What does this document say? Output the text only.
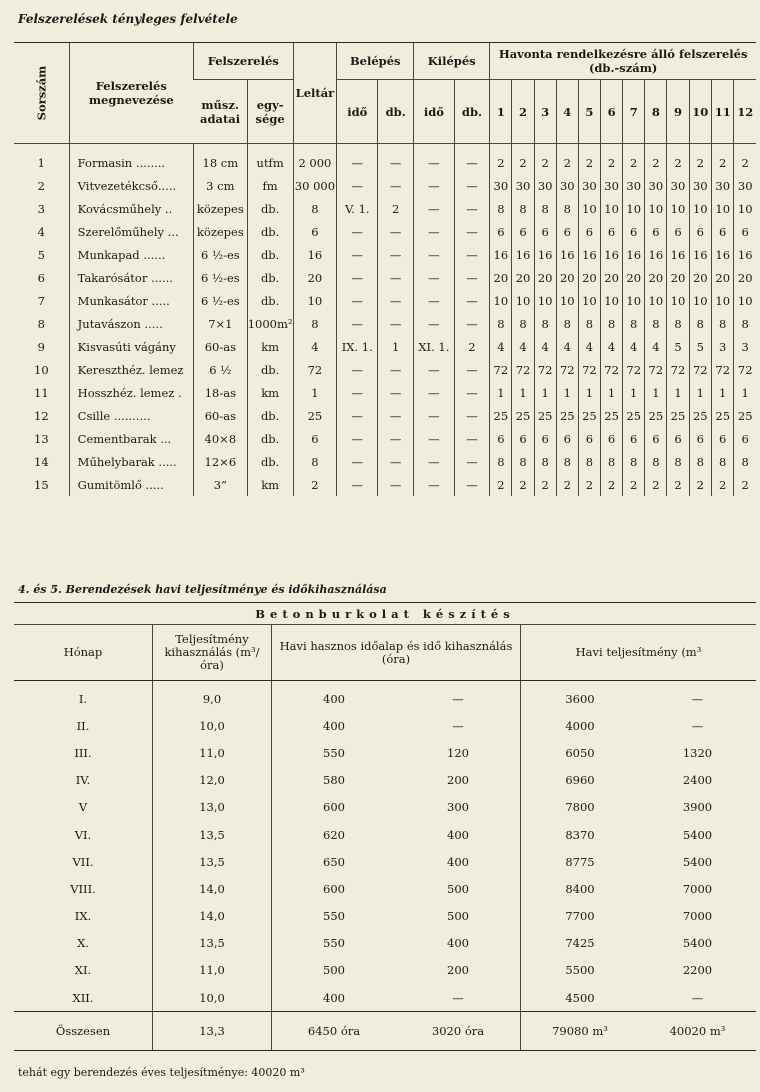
Felszerelések tényleges felvétele
Sorszám	Felszerelés megnevezése	Felszerelés		Leltár	Belépés		Kilépés		Havonta rendelkezésre álló felszerelés (db.-szám)											
		műsz. adatai	egy-sége		idő	db.	idő	db.	1	2	3	4	5	6	7	8	9	10	11	12
1	Formasin ........	18 cm	utfm	2 000	—	—	—	—	2	2	2	2	2	2	2	2	2	2	2	2
2	Vitvezetékcső.....	3 cm	fm	30 000	—	—	—	—	30	30	30	30	30	30	30	30	30	30	30	30
3	Kovácsműhely ..	közepes	db.	8	V. 1.	2	—	—	8	8	8	8	10	10	10	10	10	10	10	10
4	Szerelőműhely ...	közepes	db.	6	—	—	—	—	6	6	6	6	6	6	6	6	6	6	6	6
5	Munkapad ......	6 ½-es	db.	16	—	—	—	—	16	16	16	16	16	16	16	16	16	16	16	16
6	Takarósátor ......	6 ½-es	db.	20	—	—	—	—	20	20	20	20	20	20	20	20	20	20	20	20
7	Munkasátor .....	6 ½-es	db.	10	—	—	—	—	10	10	10	10	10	10	10	10	10	10	10	10
8	Jutavászon .....	7×1	1000m²	8	—	—	—	—	8	8	8	8	8	8	8	8	8	8	8	8
9	Kisvasúti vágány	60-as	km	4	IX. 1.	1	XI. 1.	2	4	4	4	4	4	4	4	4	5	5	3	3
10	Kereszthéz. lemez	6 ½	db.	72	—	—	—	—	72	72	72	72	72	72	72	72	72	72	72	72
11	Hosszhéz. lemez .	18-as	km	1	—	—	—	—	1	1	1	1	1	1	1	1	1	1	1	1
12	Csille ..........	60-as	db.	25	—	—	—	—	25	25	25	25	25	25	25	25	25	25	25	25
13	Cementbarak ...	40×8	db.	6	—	—	—	—	6	6	6	6	6	6	6	6	6	6	6	6
14	Műhelybarak .....	12×6	db.	8	—	—	—	—	8	8	8	8	8	8	8	8	8	8	8	8
15	Gumitömlő .....	3”	km	2	—	—	—	—	2	2	2	2	2	2	2	2	2	2	2	2
4. és 5. Berendezések havi teljesítménye és időkihasználása
Betonburkolat készítés					
Hónap	Teljesítmény kihasználás (m³/óra)	Havi hasznos időalap és idő kihasználás (óra)		Havi teljesítmény (m³	
I.	9,0	400	—	3600	—
II.	10,0	400	—	4000	—
III.	11,0	550	120	6050	1320
IV.	12,0	580	200	6960	2400
V	13,0	600	300	7800	3900
VI.	13,5	620	400	8370	5400
VII.	13,5	650	400	8775	5400
VIII.	14,0	600	500	8400	7000
IX.	14,0	550	500	7700	7000
X.	13,5	550	400	7425	5400
XI.	11,0	500	200	5500	2200
XII.	10,0	400	—	4500	—
Összesen	13,3	6450 óra	3020 óra	79080 m³	40020 m³
tehát egy berendezés éves teljesítménye: 40020 m³
